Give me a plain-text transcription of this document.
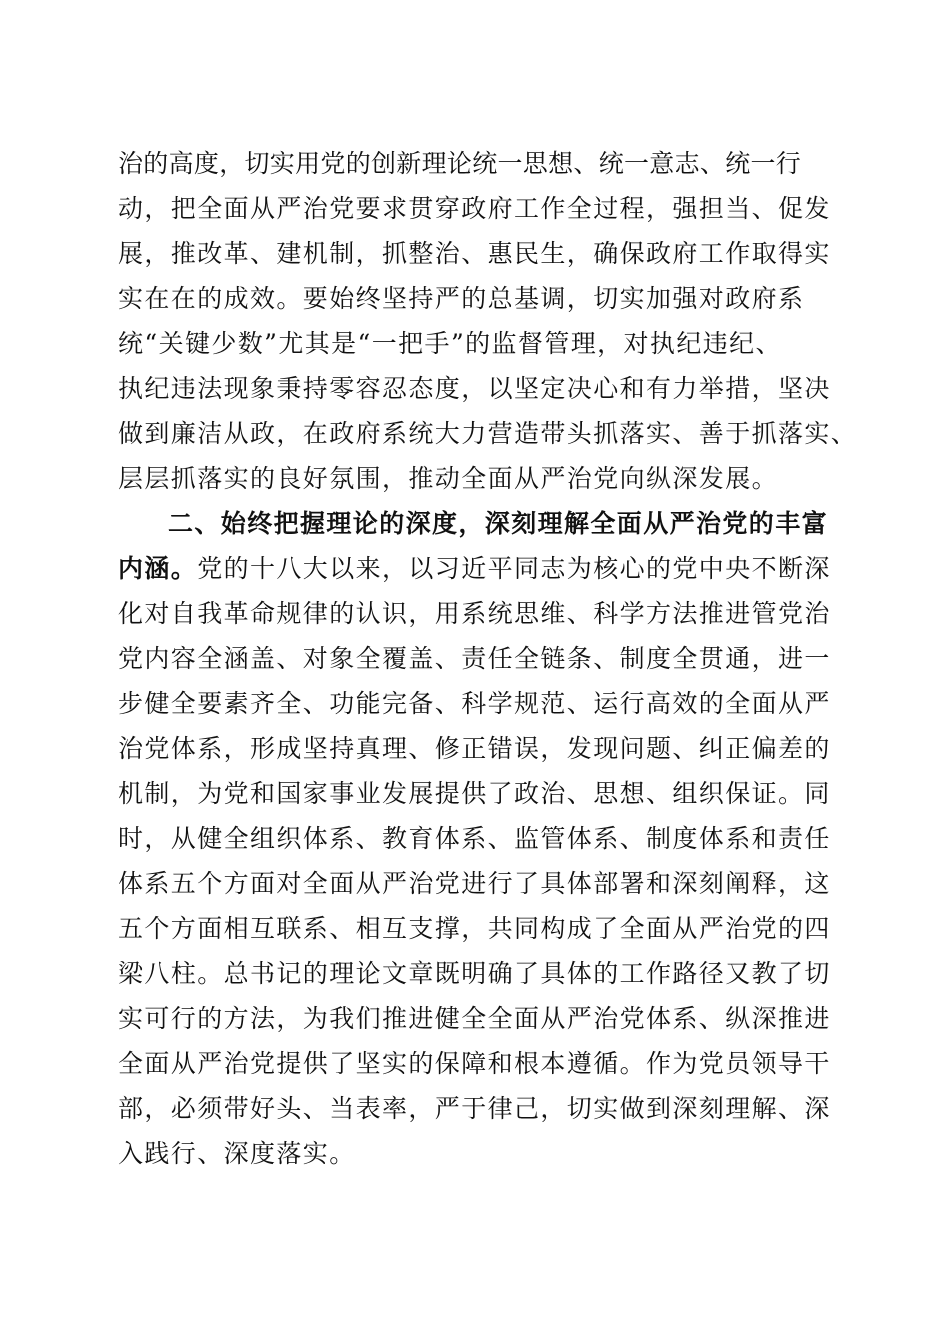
治的高度，切实用党的创新理论统一思想、统一意志、统一行
动，把全面从严治党要求贯穿政府工作全过程，强担当、促发
展，推改革、建机制，抓整治、惠民生，确保政府工作取得实
实在在的成效。要始终坚持严的总基调，切实加强对政府系
统“关键少数”尤其是“一把手”的监督管理，对执纪违纪、
执纪违法现象秉持零容忍态度，以坚定决心和有力举措，坚决
做到廉洁从政，在政府系统大力营造带头抓落实、善于抓落实、
层层抓落实的良好氛围，推动全面从严治党向纵深发展。
二、始终把握理论的深度，深刻理解全面从严治党的丰富
内涵。党的十八大以来，以习近平同志为核心的党中央不断深
化对自我革命规律的认识，用系统思维、科学方法推进管党治
党内容全涵盖、对象全覆盖、责任全链条、制度全贯通，进一
步健全要素齐全、功能完备、科学规范、运行高效的全面从严
治党体系，形成坚持真理、修正错误，发现问题、纠正偏差的
机制，为党和国家事业发展提供了政治、思想、组织保证。同
时，从健全组织体系、教育体系、监管体系、制度体系和责任
体系五个方面对全面从严治党进行了具体部署和深刻阐释，这
五个方面相互联系、相互支撑，共同构成了全面从严治党的四
梁八柱。总书记的理论文章既明确了具体的工作路径又教了切
实可行的方法，为我们推进健全全面从严治党体系、纵深推进
全面从严治党提供了坚实的保障和根本遵循。作为党员领导干
部，必须带好头、当表率，严于律己，切实做到深刻理解、深
入践行、深度落实。
